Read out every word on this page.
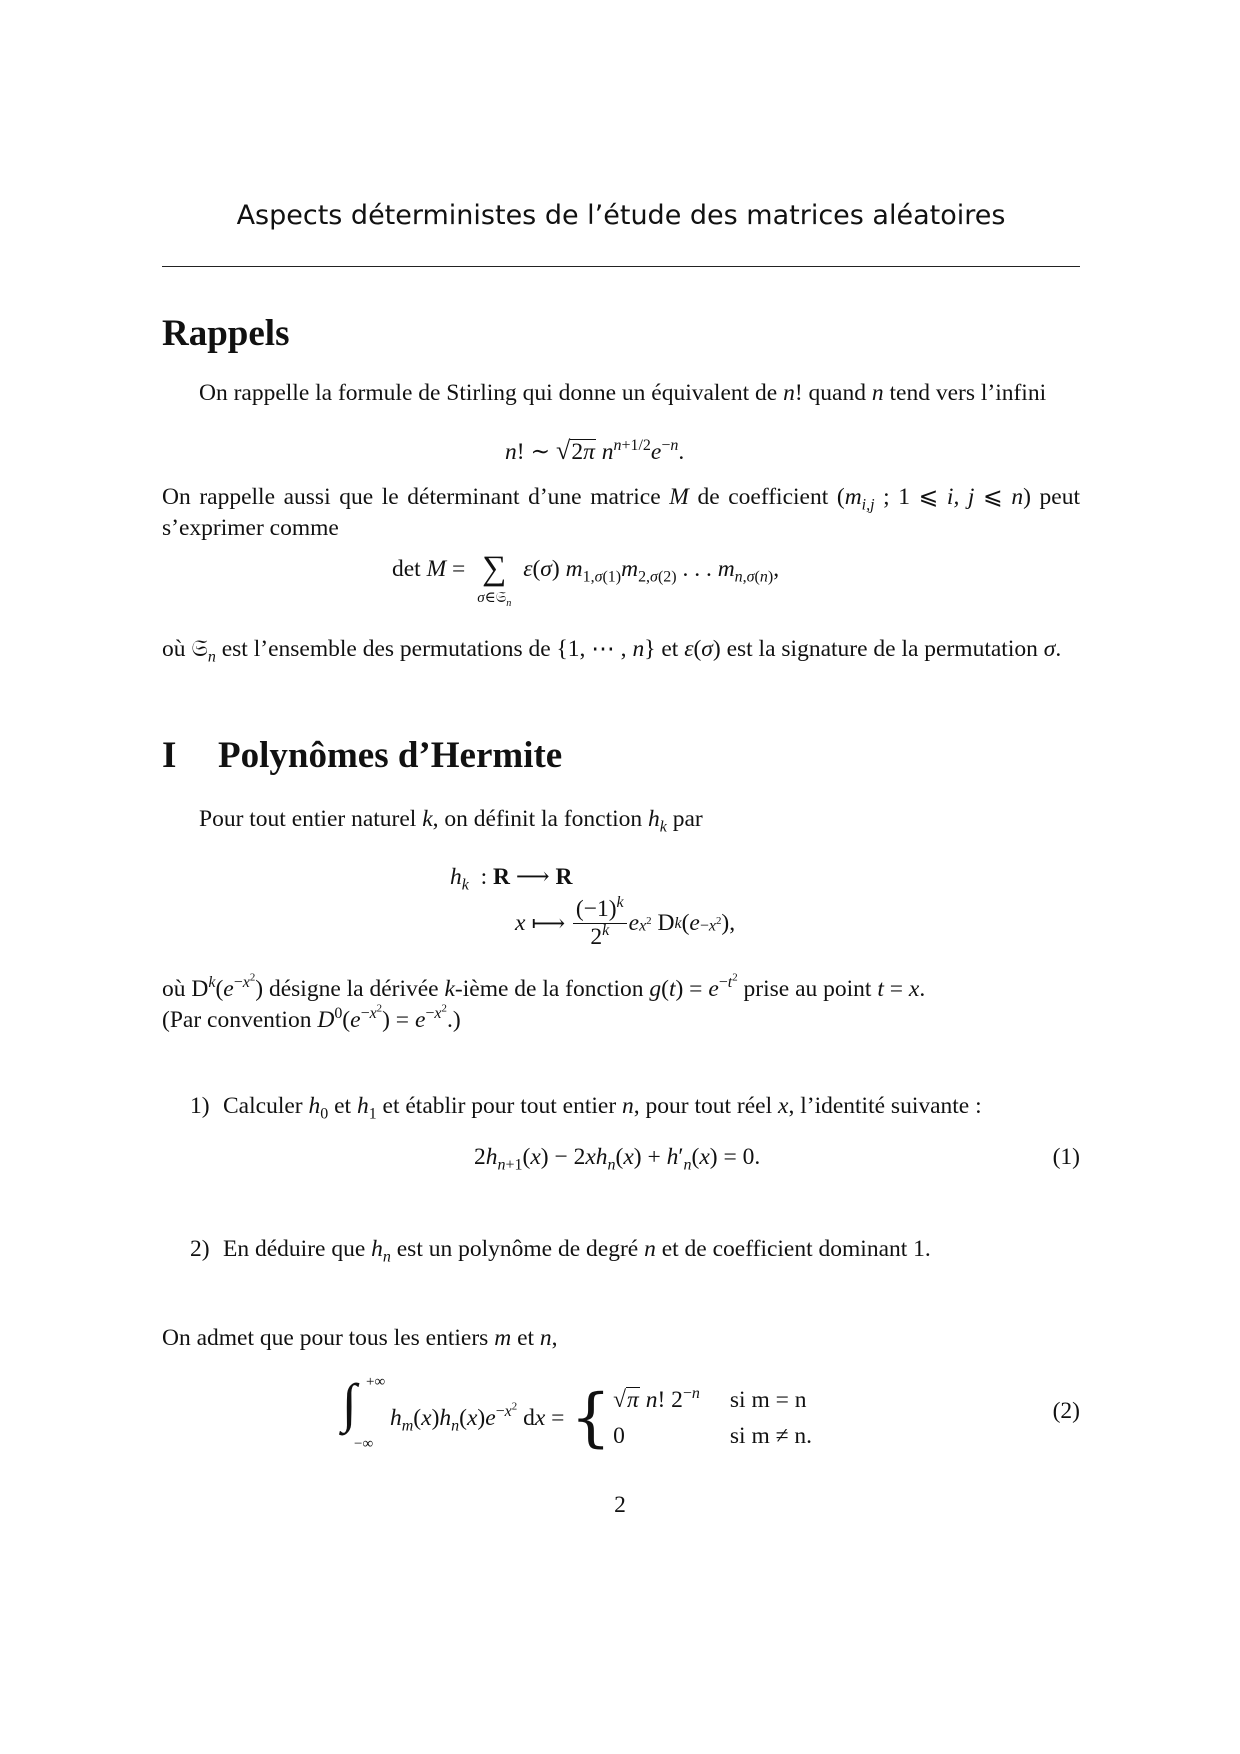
Aspects déterministes de l’étude des matrices aléatoires
Rappels
On rappelle la formule de Stirling qui donne un équivalent de n! quand n tend vers l’infini
n! ∼ √2π $n^{n+1/2}e^{-n}$.
On rappelle aussi que le déterminant d’une matrice M de coefficient ($m_{i,j}$ ; 1 ⩽ i, j ⩽ n) peut s’exprimer comme
det M = ∑
σ∈𝔖$_n$
ε(σ) $m_{1,\sigma(1)}m_{2,\sigma(2)}$ . . . $m_{n,\sigma(n)}$,
où 𝔖$_n$ est l’ensemble des permutations de {1, ⋯ , n} et ε(σ) est la signature de la permutation σ.
I Polynômes d’Hermite
Pour tout entier naturel k, on définit la fonction $h_k$ par
$h_k$  : R ⟶ R
x ⟼ $\frac{(-1)^k}{2^k}$ e $x^2$ D k ( $e -x^2$ ),
où $D^k(e^{-x^2})$ désigne la dérivée k-ième de la fonction $g(t) = e^{-t^2}$ prise au point t = x.
(Par convention $D^0(e^{-x^2}) = e^{-x^2}$.)
1) Calculer $h_0$ et $h_1$ et établir pour tout entier n, pour tout réel x, l’identité suivante :
$2h_{n+1}(x) - 2xh_n(x) + h'_n(x) = 0$.	(1)
2) En déduire que $h_n$ est un polynôme de degré n et de coefficient dominant 1.
On admet que pour tous les entiers m et n,
∫ +∞
−∞
$h_m(x)h_n(x)e^{-x^2}$ dx = { √π n! $2^{-n}$
0
si m = n
si m ≠ n.
(2)
2
